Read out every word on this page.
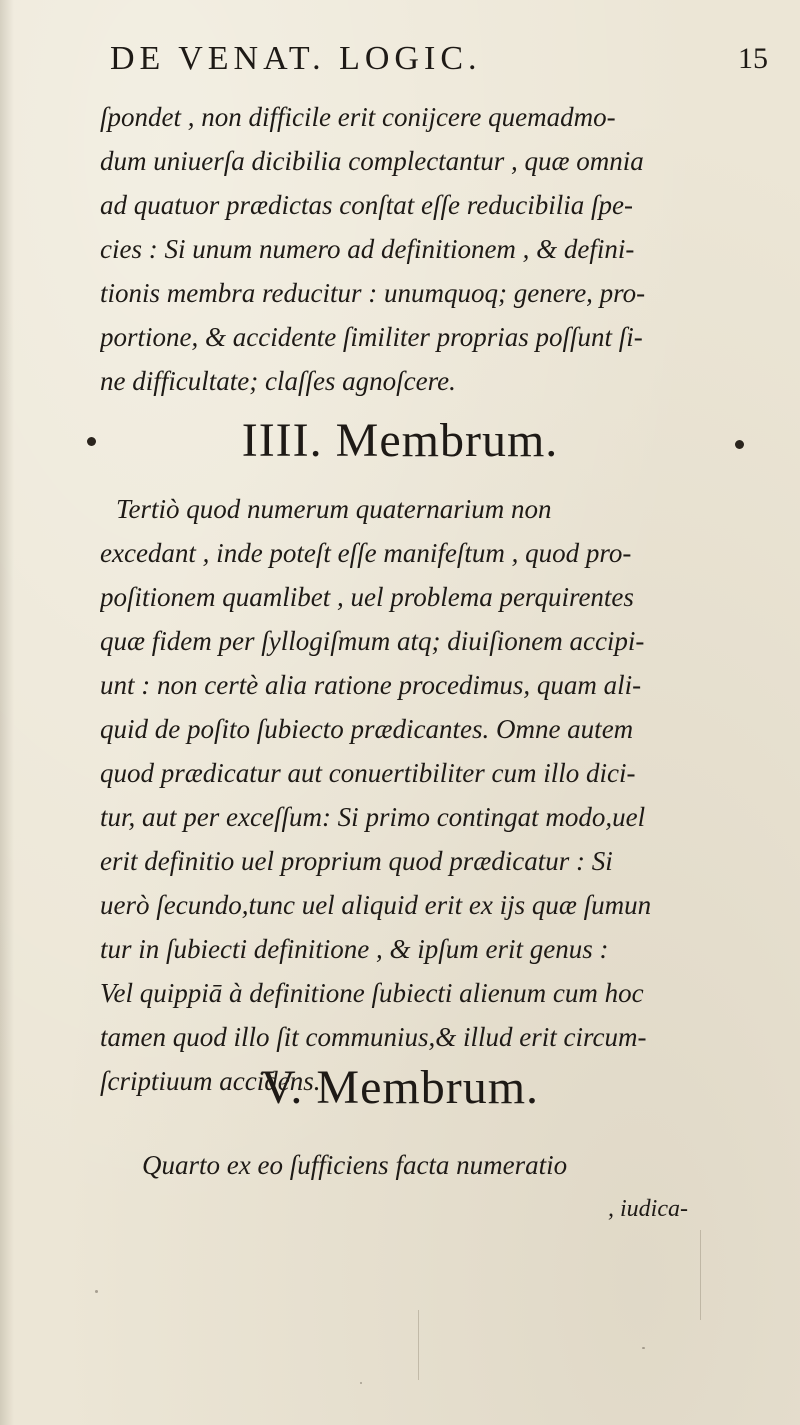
DE VENAT. LOGIC.	15
ſpondet , non difficile erit conijcere quemadmo-
dum uniuerſa dicibilia complectantur , quæ omnia
ad quatuor prædictas conſtat eſſe reducibilia ſpe-
cies : Si unum numero ad definitionem , & defini-
tionis membra reducitur : unumquoq; genere, pro-
portione, & accidente ſimiliter proprias poſſunt ſi-
ne difficultate; claſſes agnoſcere.
IIII. Membrum.
Tertiò quod numerum quaternarium non
excedant , inde poteſt eſſe manifeſtum , quod pro-
poſitionem quamlibet , uel problema perquirentes
quæ fidem per ſyllogiſmum atq; diuiſionem accipi-
unt : non certè alia ratione procedimus, quam ali-
quid de poſito ſubiecto prædicantes. Omne autem
quod prædicatur aut conuertibiliter cum illo dici-
tur, aut per exceſſum: Si primo contingat modo,uel
erit definitio uel proprium quod prædicatur : Si
uerò ſecundo,tunc uel aliquid erit ex ijs quæ ſumun
tur in ſubiecti definitione , & ipſum erit genus :
Vel quippiā à definitione ſubiecti alienum cum hoc
tamen quod illo ſit communius,& illud erit circum-
ſcriptiuum accidens.
V. Membrum.
Quarto ex eo ſufficiens facta numeratio
, iudica-
